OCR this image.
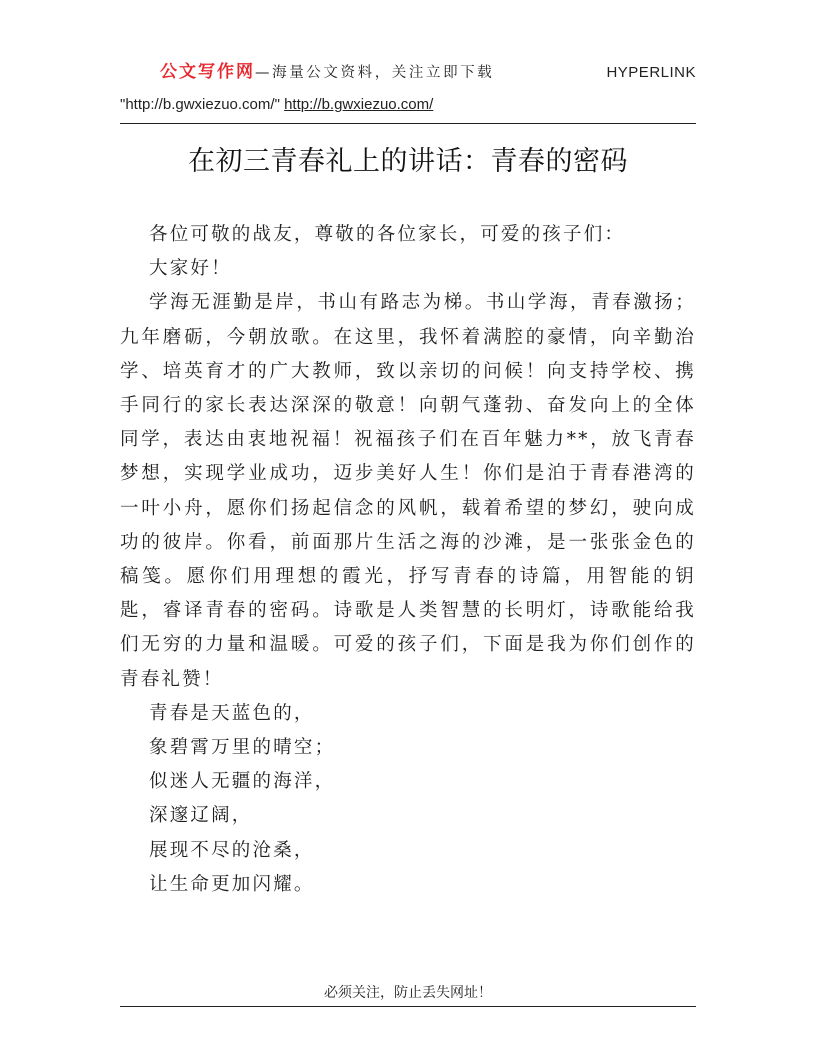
公文写作网—海量公文资料，关注立即下载	HYPERLINK
"http://b.gwxiezuo.com/" http://b.gwxiezuo.com/
在初三青春礼上的讲话：青春的密码

各位可敬的战友，尊敬的各位家长，可爱的孩子们：

大家好！

学海无涯勤是岸，书山有路志为梯。书山学海，青春激扬；九年磨砺，今朝放歌。在这里，我怀着满腔的豪情，向辛勤治学、培英育才的广大教师，致以亲切的问候！向支持学校、携手同行的家长表达深深的敬意！向朝气蓬勃、奋发向上的全体同学，表达由衷地祝福！祝福孩子们在百年魅力**，放飞青春梦想，实现学业成功，迈步美好人生！你们是泊于青春港湾的一叶小舟，愿你们扬起信念的风帆，载着希望的梦幻，驶向成功的彼岸。你看，前面那片生活之海的沙滩，是一张张金色的稿笺。愿你们用理想的霞光，抒写青春的诗篇，用智能的钥匙，睿译青春的密码。诗歌是人类智慧的长明灯，诗歌能给我们无穷的力量和温暖。可爱的孩子们，下面是我为你们创作的青春礼赞！

青春是天蓝色的，

象碧霄万里的晴空；

似迷人无疆的海洋，

深邃辽阔，

展现不尽的沧桑，

让生命更加闪耀。

必须关注，防止丢失网址！
